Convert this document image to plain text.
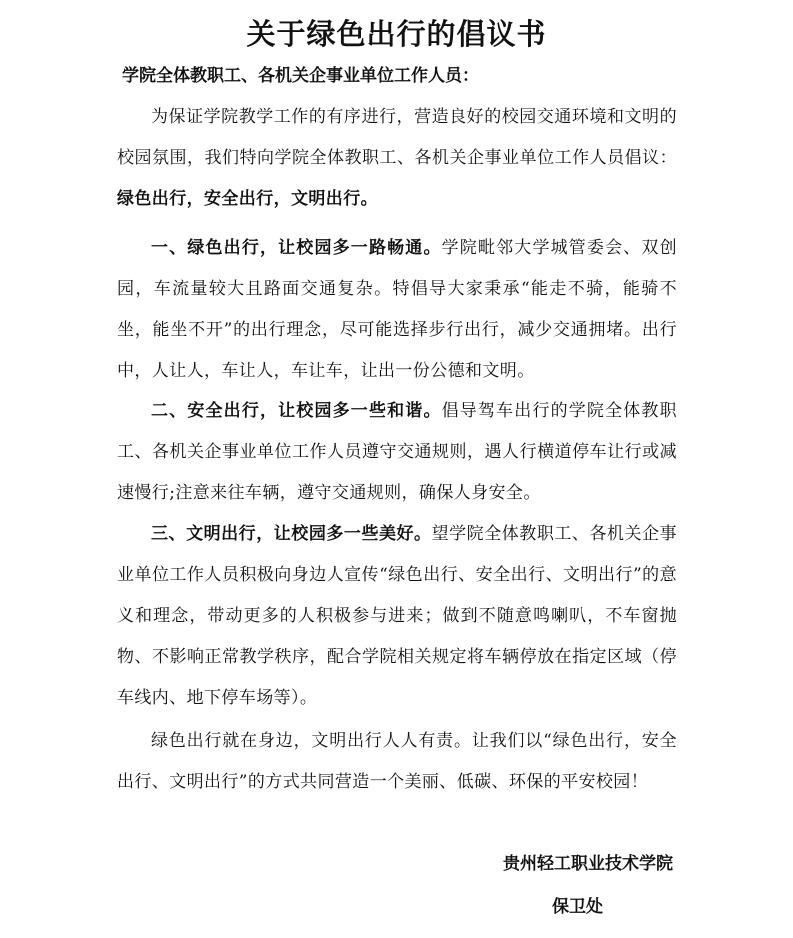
关于绿色出行的倡议书
学院全体教职工、各机关企事业单位工作人员：

为保证学院教学工作的有序进行，营造良好的校园交通环境和文明的校园氛围，我们特向学院全体教职工、各机关企事业单位工作人员倡议：绿色出行，安全出行，文明出行。

一、绿色出行，让校园多一路畅通。学院毗邻大学城管委会、双创园，车流量较大且路面交通复杂。特倡导大家秉承“能走不骑，能骑不坐，能坐不开”的出行理念，尽可能选择步行出行，减少交通拥堵。出行中，人让人，车让人，车让车，让出一份公德和文明。

二、安全出行，让校园多一些和谐。倡导驾车出行的学院全体教职工、各机关企事业单位工作人员遵守交通规则，遇人行横道停车让行或减速慢行;注意来往车辆，遵守交通规则，确保人身安全。

三、文明出行，让校园多一些美好。望学院全体教职工、各机关企事业单位工作人员积极向身边人宣传“绿色出行、安全出行、文明出行”的意义和理念，带动更多的人积极参与进来；做到不随意鸣喇叭，不车窗抛物、不影响正常教学秩序，配合学院相关规定将车辆停放在指定区域（停车线内、地下停车场等）。

绿色出行就在身边，文明出行人人有责。让我们以“绿色出行，安全出行、文明出行”的方式共同营造一个美丽、低碳、环保的平安校园！

贵州轻工职业技术学院
保卫处
